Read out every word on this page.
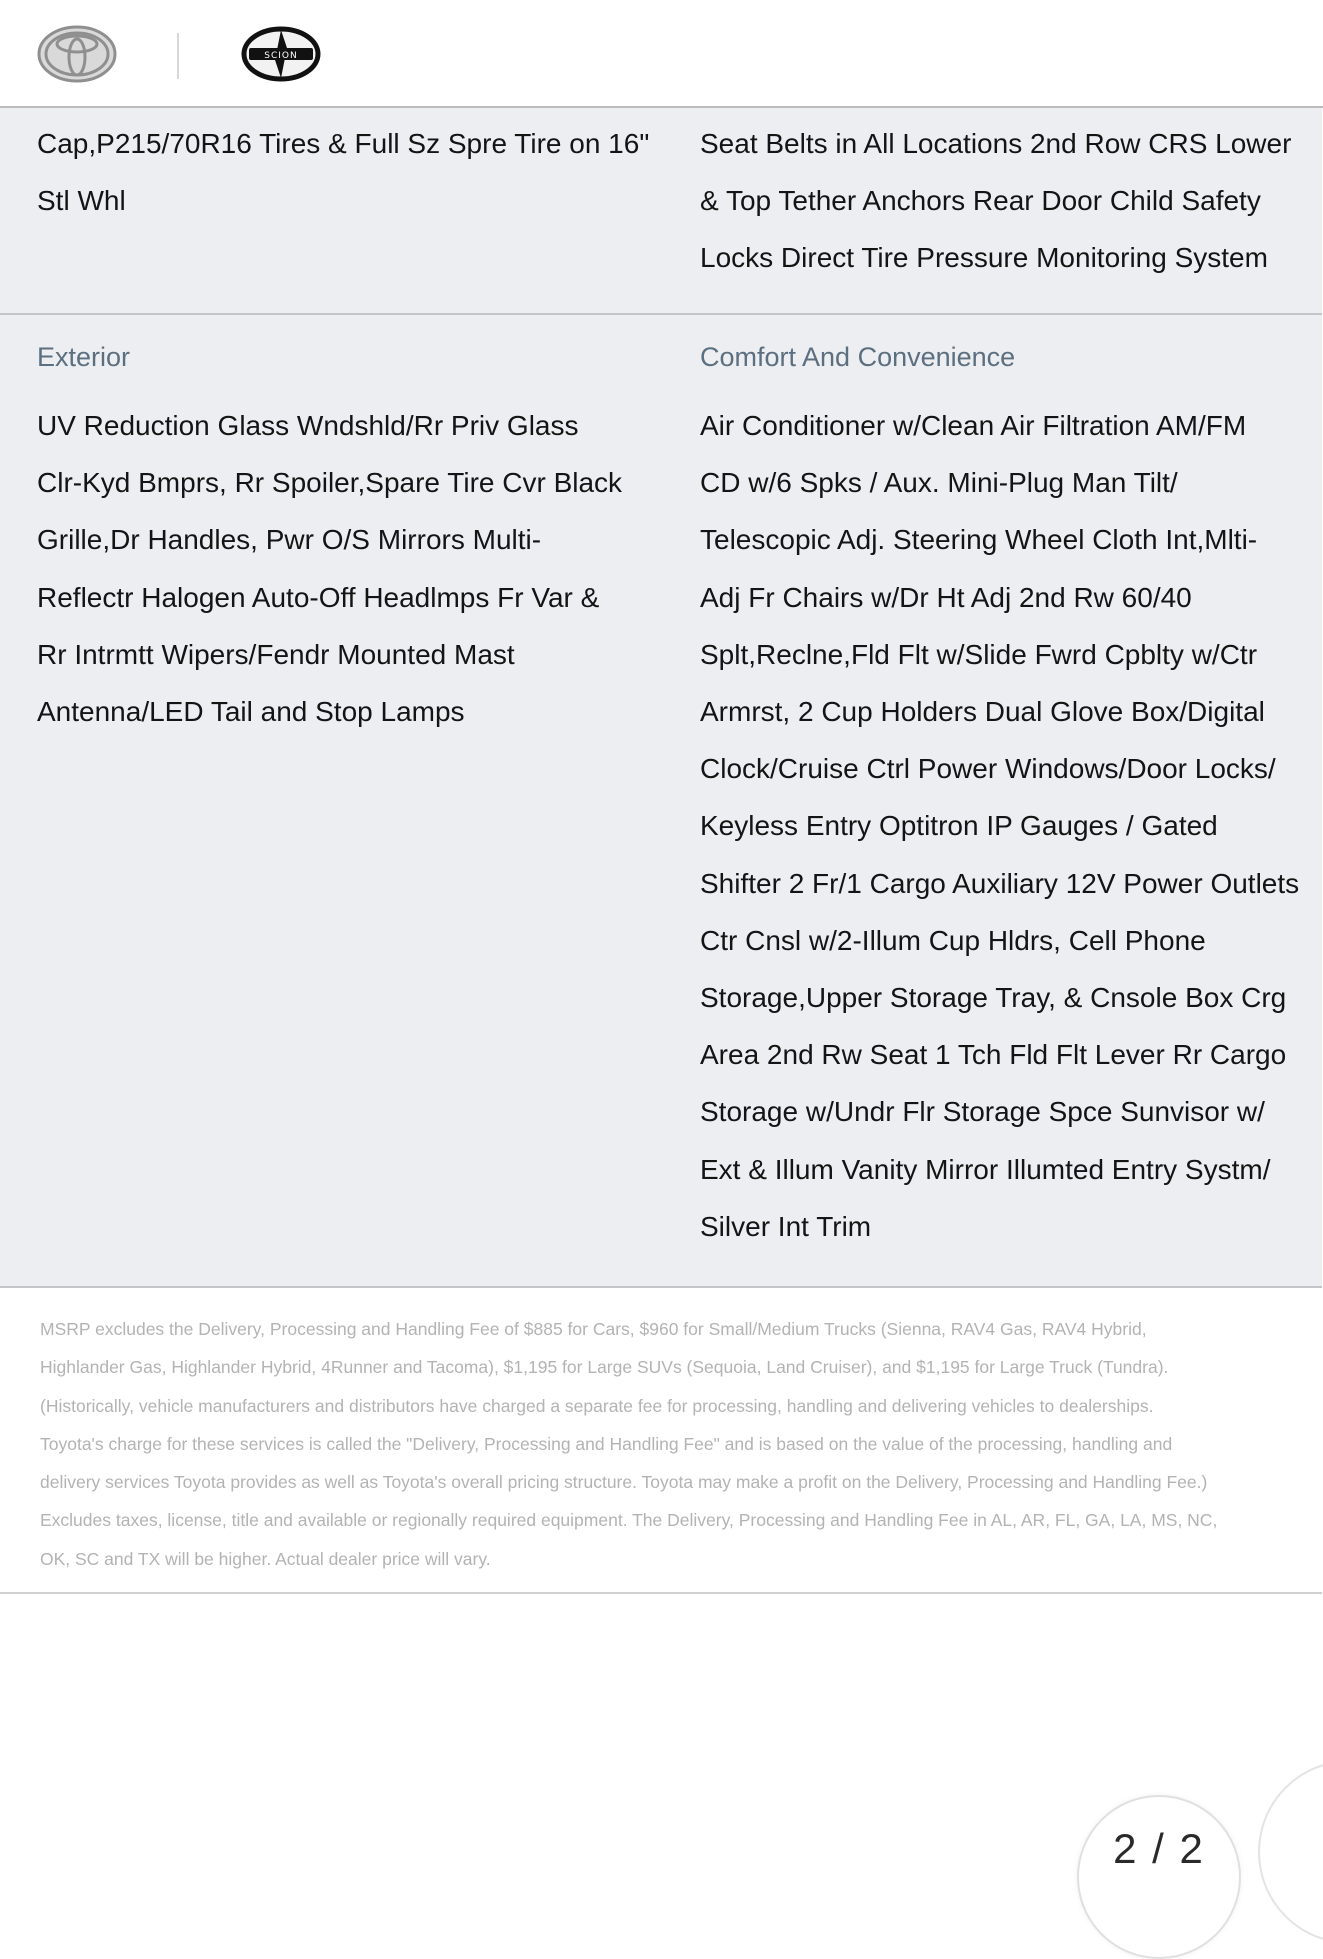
SCION
Cap,P215/70R16 Tires & Full Sz Spre Tire on 16"
Stl Whl
Seat Belts in All Locations 2nd Row CRS Lower
& Top Tether Anchors Rear Door Child Safety
Locks Direct Tire Pressure Monitoring System
Exterior
UV Reduction Glass Wndshld/Rr Priv Glass
Clr-Kyd Bmprs, Rr Spoiler,Spare Tire Cvr Black
Grille,Dr Handles, Pwr O/S Mirrors Multi-
Reflectr Halogen Auto-Off Headlmps Fr Var &
Rr Intrmtt Wipers/Fendr Mounted Mast
Antenna/LED Tail and Stop Lamps
Comfort And Convenience
Air Conditioner w/Clean Air Filtration AM/FM
CD w/6 Spks / Aux. Mini-Plug Man Tilt/
Telescopic Adj. Steering Wheel Cloth Int,Mlti-
Adj Fr Chairs w/Dr Ht Adj 2nd Rw 60/40
Splt,Reclne,Fld Flt w/Slide Fwrd Cpblty w/Ctr
Armrst, 2 Cup Holders Dual Glove Box/Digital
Clock/Cruise Ctrl Power Windows/Door Locks/
Keyless Entry Optitron IP Gauges / Gated
Shifter 2 Fr/1 Cargo Auxiliary 12V Power Outlets
Ctr Cnsl w/2-Illum Cup Hldrs, Cell Phone
Storage,Upper Storage Tray, & Cnsole Box Crg
Area 2nd Rw Seat 1 Tch Fld Flt Lever Rr Cargo
Storage w/Undr Flr Storage Spce Sunvisor w/
Ext & Illum Vanity Mirror Illumted Entry Systm/
Silver Int Trim
MSRP excludes the Delivery, Processing and Handling Fee of $885 for Cars, $960 for Small/Medium Trucks (Sienna, RAV4 Gas, RAV4 Hybrid,
Highlander Gas, Highlander Hybrid, 4Runner and Tacoma), $1,195 for Large SUVs (Sequoia, Land Cruiser), and $1,195 for Large Truck (Tundra).
(Historically, vehicle manufacturers and distributors have charged a separate fee for processing, handling and delivering vehicles to dealerships.
Toyota's charge for these services is called the "Delivery, Processing and Handling Fee" and is based on the value of the processing, handling and
delivery services Toyota provides as well as Toyota's overall pricing structure. Toyota may make a profit on the Delivery, Processing and Handling Fee.)
Excludes taxes, license, title and available or regionally required equipment. The Delivery, Processing and Handling Fee in AL, AR, FL, GA, LA, MS, NC,
OK, SC and TX will be higher. Actual dealer price will vary.
2 / 2
